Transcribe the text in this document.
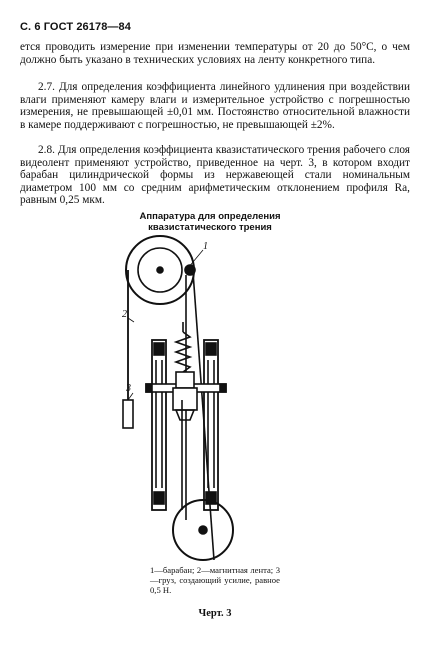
С. 6 ГОСТ 26178—84

ется проводить измерение при изменении температуры от 20 до 50°C, о чем должно быть указано в технических условиях на ленту конкретного типа.

2.7. Для определения коэффициента линейного удлинения при воздействии влаги применяют камеру влаги и измерительное устройство с погрешностью измерения, не превышающей ±0,01 мм. Постоянство относительной влажности в камере поддерживают с погрешностью, не превышающей ±2%.

2.8. Для определения коэффициента квазистатического трения рабочего слоя видеолент применяют устройство, приведенное на черт. 3, в котором входит барабан цилиндрической формы из нержавеющей стали номинальным диаметром 100 мм со средним арифметическим отклонением профиля Ra, равным 0,25 мкм.

Аппаратура для определения квазистатического трения
1
2
3
1—барабан; 2—магнитная лента; 3—груз, создающий усилие, равное 0,5 Н.
Черт. 3
